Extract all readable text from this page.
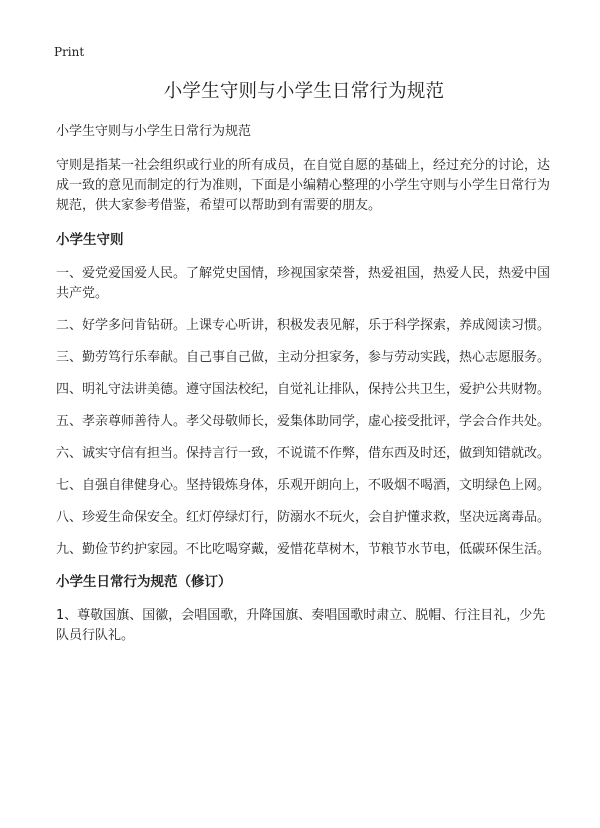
Print
小学生守则与小学生日常行为规范

小学生守则与小学生日常行为规范

守则是指某一社会组织或行业的所有成员，在自觉自愿的基础上，经过充分的讨论，达成一致的意见而制定的行为准则，下面是小编精心整理的小学生守则与小学生日常行为规范，供大家参考借鉴，希望可以帮助到有需要的朋友。

小学生守则

一、爱党爱国爱人民。了解党史国情，珍视国家荣誉，热爱祖国，热爱人民，热爱中国共产党。

二、好学多问肯钻研。上课专心听讲，积极发表见解，乐于科学探索，养成阅读习惯。

三、勤劳笃行乐奉献。自己事自己做，主动分担家务，参与劳动实践，热心志愿服务。

四、明礼守法讲美德。遵守国法校纪，自觉礼让排队，保持公共卫生，爱护公共财物。

五、孝亲尊师善待人。孝父母敬师长，爱集体助同学，虚心接受批评，学会合作共处。

六、诚实守信有担当。保持言行一致，不说谎不作弊，借东西及时还，做到知错就改。

七、自强自律健身心。坚持锻炼身体，乐观开朗向上，不吸烟不喝酒，文明绿色上网。

八、珍爱生命保安全。红灯停绿灯行，防溺水不玩火，会自护懂求救，坚决远离毒品。

九、勤俭节约护家园。不比吃喝穿戴，爱惜花草树木，节粮节水节电，低碳环保生活。

小学生日常行为规范（修订）

1、尊敬国旗、国徽，会唱国歌，升降国旗、奏唱国歌时肃立、脱帽、行注目礼，少先队员行队礼。
